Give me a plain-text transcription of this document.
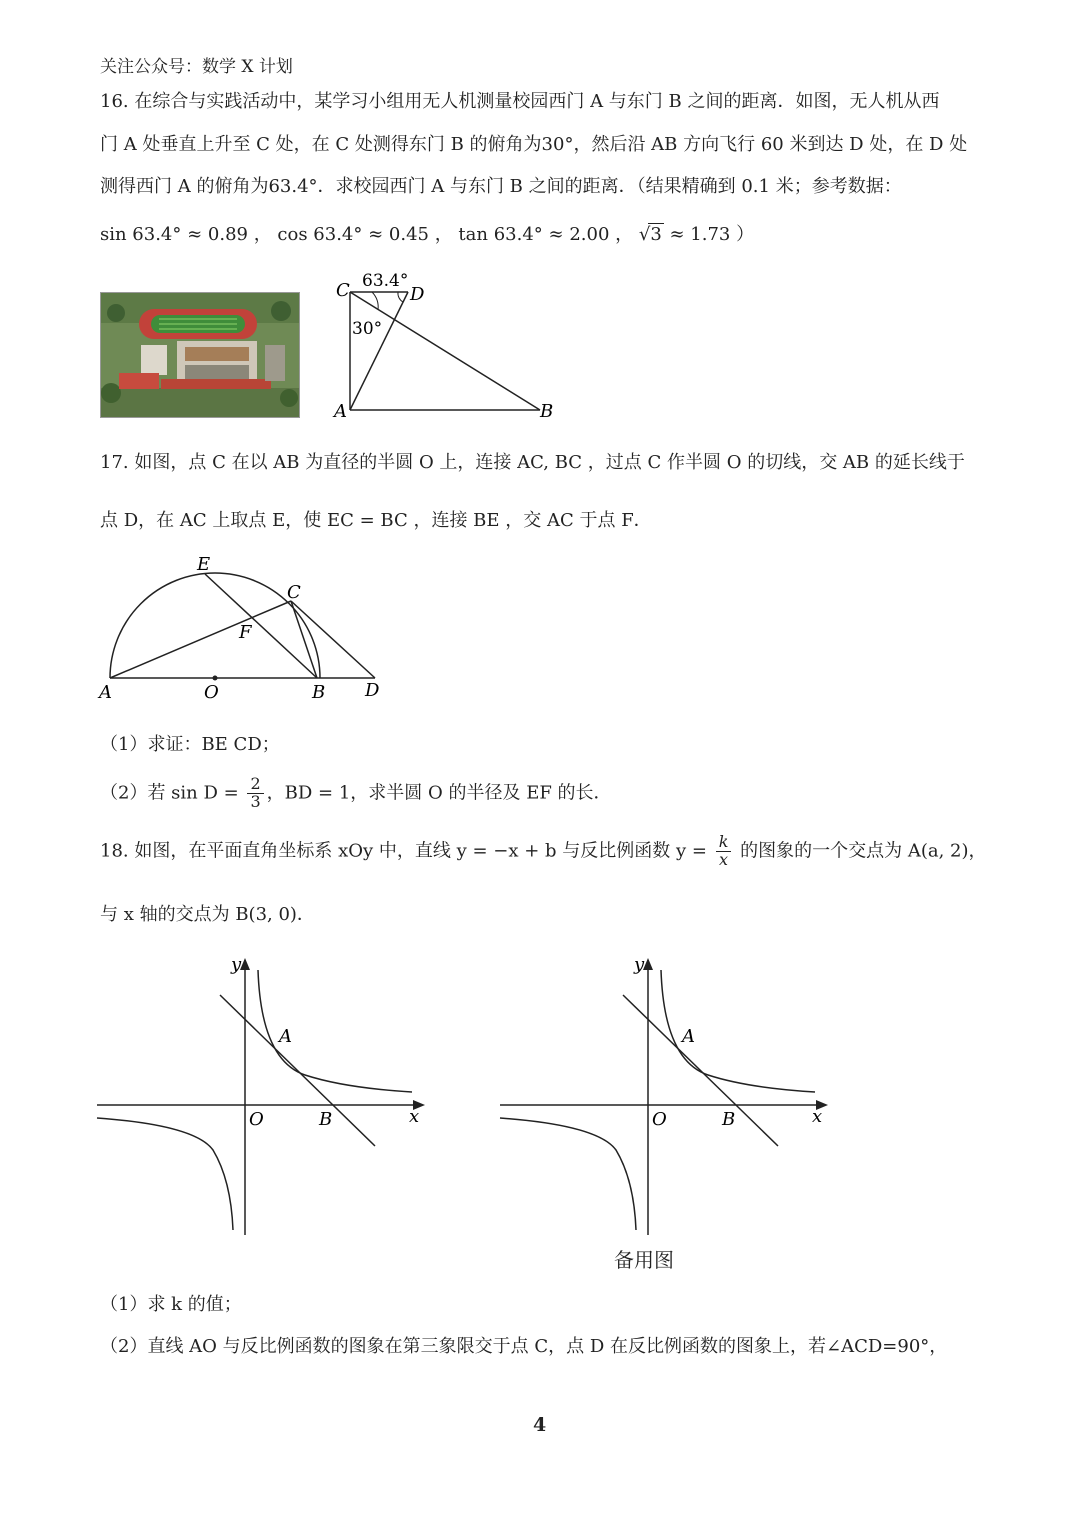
关注公众号：数学 X 计划
16. 在综合与实践活动中，某学习小组用无人机测量校园西门 A 与东门 B 之间的距离．如图，无人机从西
门 A 处垂直上升至 C 处，在 C 处测得东门 B 的俯角为30°，然后沿 AB 方向飞行 60 米到达 D 处，在 D 处
测得西门 A 的俯角为63.4°．求校园西门 A 与东门 B 之间的距离．（结果精确到 0.1 米；参考数据：
sin 63.4° ≈ 0.89 ， cos 63.4° ≈ 0.45 ， tan 63.4° ≈ 2.00 ， √3 ≈ 1.73 ）
C	D
A	B
63.4°
30°
17. 如图，点 C 在以 AB 为直径的半圆 O 上，连接 AC, BC ，过点 C 作半圆 O 的切线，交 AB 的延长线于
点 D，在 AC 上取点 E，使 EC = BC ，连接 BE ，交 AC 于点 F．
E
C
F
A	O	B D
（1）求证：BE CD；
（2）若 $\sin D = \frac{2}{3}$ ，BD = 1，求半圆 O 的半径及 EF 的长．
18. 如图，在平面直角坐标系 xOy 中，直线 y = −x + b 与反比例函数 $y = \frac{k}{x}$ 的图象的一个交点为 A(a, 2)，
与 x 轴的交点为 B(3, 0)．
y
x
O	B
A
y
x
O	B
A
备用图
（1）求 k 的值；
（2）直线 AO 与反比例函数的图象在第三象限交于点 C，点 D 在反比例函数的图象上，若∠ACD=90°，
4
